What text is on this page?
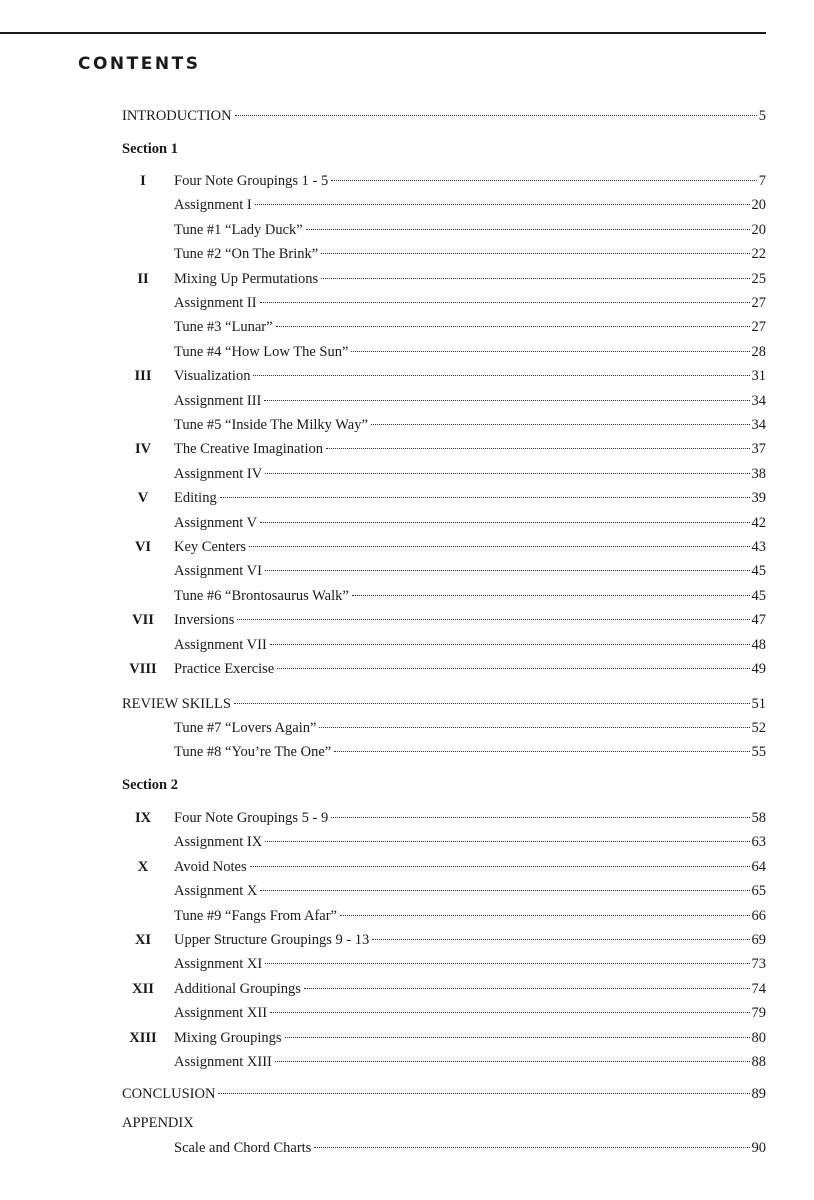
CONTENTS
INTRODUCTION	5
Section 1
I	Four Note Groupings 1 - 5	7
Assignment I	20
Tune #1 “Lady Duck”	20
Tune #2 “On The Brink”	22
II	Mixing Up Permutations	25
Assignment II	27
Tune #3 “Lunar”	27
Tune #4 “How Low The Sun”	28
III	Visualization	31
Assignment III	34
Tune #5 “Inside The Milky Way”	34
IV	The Creative Imagination	37
Assignment IV	38
V	Editing	39
Assignment V	42
VI	Key Centers	43
Assignment VI	45
Tune #6 “Brontosaurus Walk”	45
VII Inversions	47
Assignment VII	48
VIII Practice Exercise	49
REVIEW SKILLS	51
Tune #7 “Lovers Again”	52
Tune #8 “You’re The One”	55
Section 2
IX	Four Note Groupings 5 - 9	58
Assignment IX	63
X	Avoid Notes	64
Assignment X	65
Tune #9 “Fangs From Afar”	66
XI	Upper Structure Groupings 9 - 13	69
Assignment XI	73
XII Additional Groupings	74
Assignment XII	79
XIII Mixing Groupings	80
Assignment XIII	88
CONCLUSION	89
APPENDIX
Scale and Chord Charts	90
